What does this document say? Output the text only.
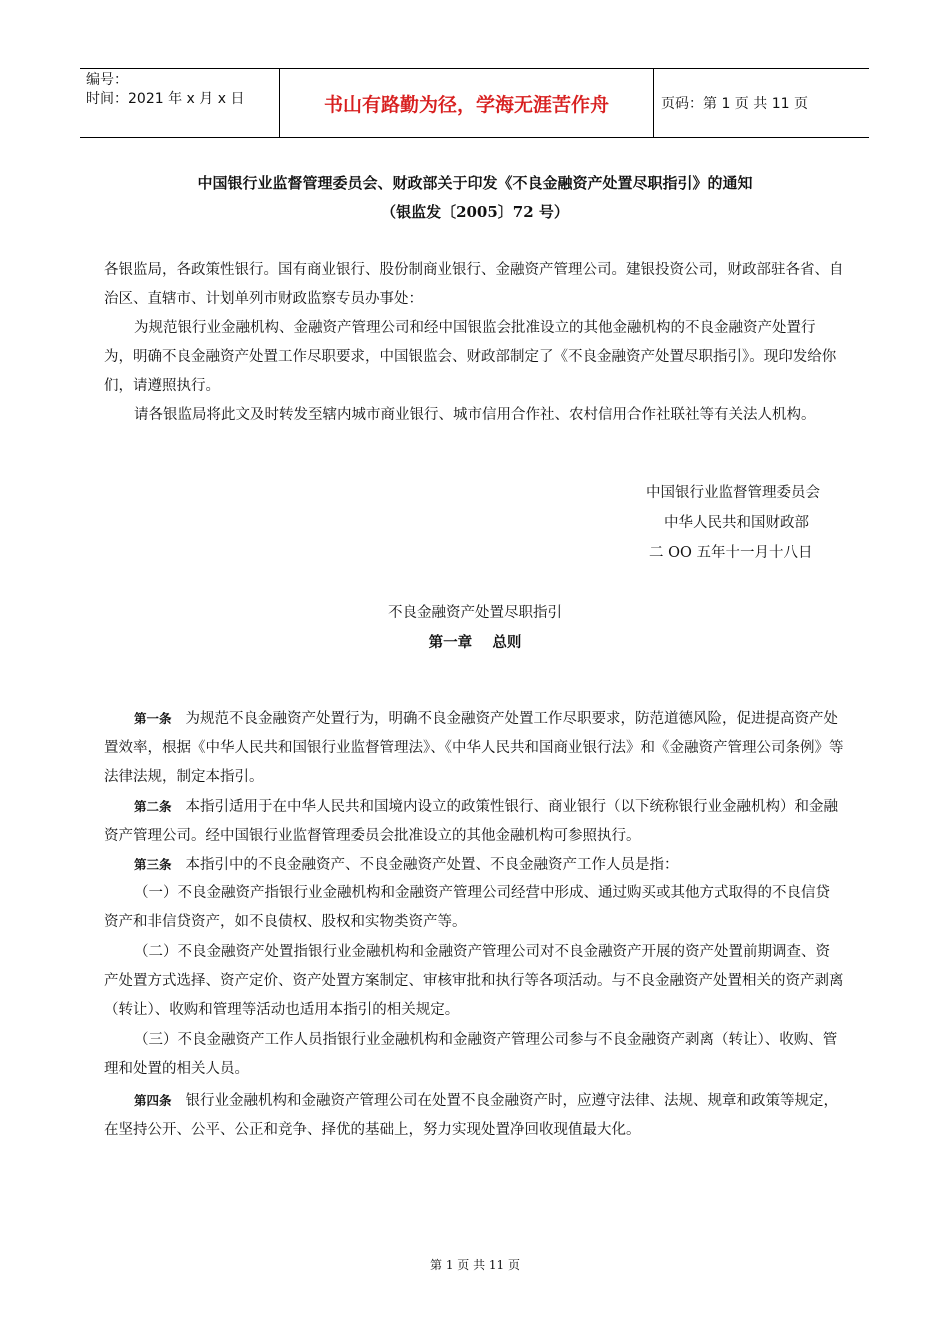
编号：
时间：2021 年 x 月 x 日	书山有路勤为径，学海无涯苦作舟	页码：第 1 页 共 11 页
中国银行业监督管理委员会、财政部关于印发《不良金融资产处置尽职指引》的通知
（银监发〔2005〕72 号）
各银监局，各政策性银行。国有商业银行、股份制商业银行、金融资产管理公司。建银投资公司，财政部驻各省、自治区、直辖市、计划单列市财政监察专员办事处：
为规范银行业金融机构、金融资产管理公司和经中国银监会批准设立的其他金融机构的不良金融资产处置行为，明确不良金融资产处置工作尽职要求，中国银监会、财政部制定了《不良金融资产处置尽职指引》。现印发给你们，请遵照执行。
请各银监局将此文及时转发至辖内城市商业银行、城市信用合作社、农村信用合作社联社等有关法人机构。
中国银行业监督管理委员会
中华人民共和国财政部
二 OO 五年十一月十八日
不良金融资产处置尽职指引
第一章    总则
第一条 为规范不良金融资产处置行为，明确不良金融资产处置工作尽职要求，防范道德风险，促进提高资产处置效率，根据《中华人民共和国银行业监督管理法》、《中华人民共和国商业银行法》和《金融资产管理公司条例》等法律法规，制定本指引。
第二条 本指引适用于在中华人民共和国境内设立的政策性银行、商业银行（以下统称银行业金融机构）和金融资产管理公司。经中国银行业监督管理委员会批准设立的其他金融机构可参照执行。
第三条 本指引中的不良金融资产、不良金融资产处置、不良金融资产工作人员是指：
（一）不良金融资产指银行业金融机构和金融资产管理公司经营中形成、通过购买或其他方式取得的不良信贷资产和非信贷资产，如不良债权、股权和实物类资产等。
（二）不良金融资产处置指银行业金融机构和金融资产管理公司对不良金融资产开展的资产处置前期调查、资产处置方式选择、资产定价、资产处置方案制定、审核审批和执行等各项活动。与不良金融资产处置相关的资产剥离（转让）、收购和管理等活动也适用本指引的相关规定。
（三）不良金融资产工作人员指银行业金融机构和金融资产管理公司参与不良金融资产剥离（转让）、收购、管理和处置的相关人员。
第四条 银行业金融机构和金融资产管理公司在处置不良金融资产时，应遵守法律、法规、规章和政策等规定，在坚持公开、公平、公正和竞争、择优的基础上，努力实现处置净回收现值最大化。
第 1 页 共 11 页
